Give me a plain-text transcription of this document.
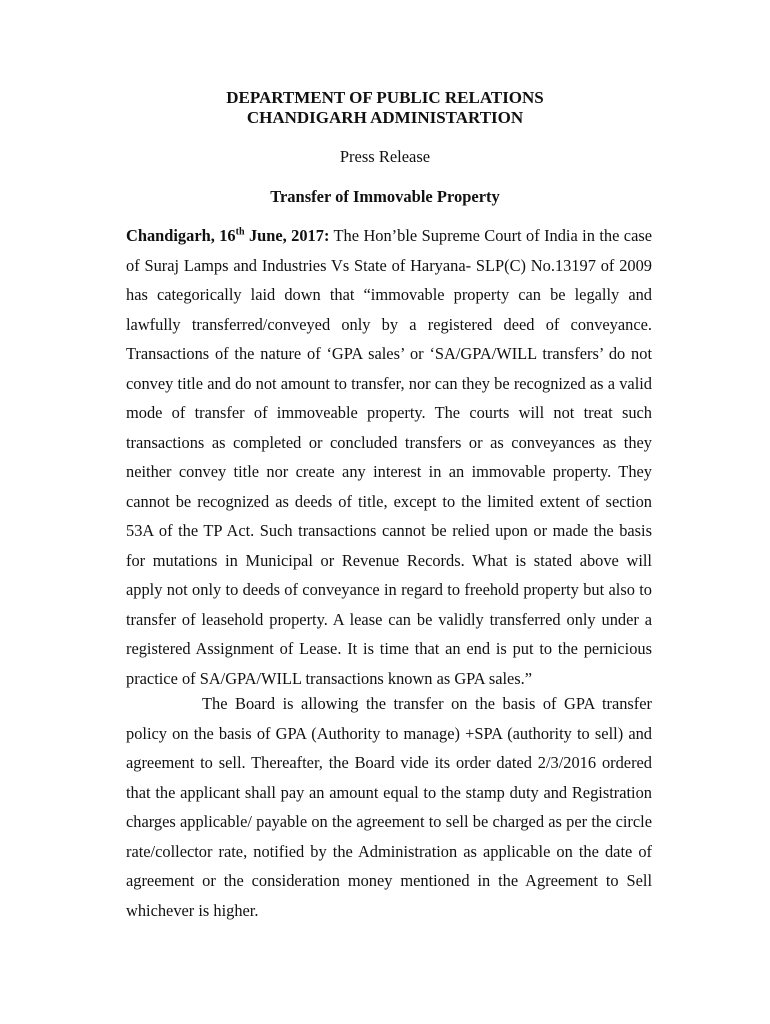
DEPARTMENT OF PUBLIC RELATIONS
CHANDIGARH ADMINISTARTION
Press Release
Transfer of Immovable Property
Chandigarh, 16th June, 2017: The Hon’ble Supreme Court of India in the case of Suraj Lamps and Industries Vs State of Haryana- SLP(C) No.13197 of 2009 has categorically laid down that “immovable property can be legally and lawfully transferred/conveyed only by a registered deed of conveyance. Transactions of the nature of ‘GPA sales’ or ‘SA/GPA/WILL transfers’ do not convey title and do not amount to transfer, nor can they be recognized as a valid mode of transfer of immoveable property. The courts will not treat such transactions as completed or concluded transfers or as conveyances as they neither convey title nor create any interest in an immovable property. They cannot be recognized as deeds of title, except to the limited extent of section 53A of the TP Act. Such transactions cannot be relied upon or made the basis for mutations in Municipal or Revenue Records. What is stated above will apply not only to deeds of conveyance in regard to freehold property but also to transfer of leasehold property. A lease can be validly transferred only under a registered Assignment of Lease. It is time that an end is put to the pernicious practice of SA/GPA/WILL transactions known as GPA sales.”
The Board is allowing the transfer on the basis of GPA transfer policy on the basis of GPA (Authority to manage) +SPA (authority to sell) and agreement to sell. Thereafter, the Board vide its order dated 2/3/2016 ordered that the applicant shall pay an amount equal to the stamp duty and Registration charges applicable/ payable on the agreement to sell be charged as per the circle rate/collector rate, notified by the Administration as applicable on the date of agreement or the consideration money mentioned in the Agreement to Sell whichever is higher.
